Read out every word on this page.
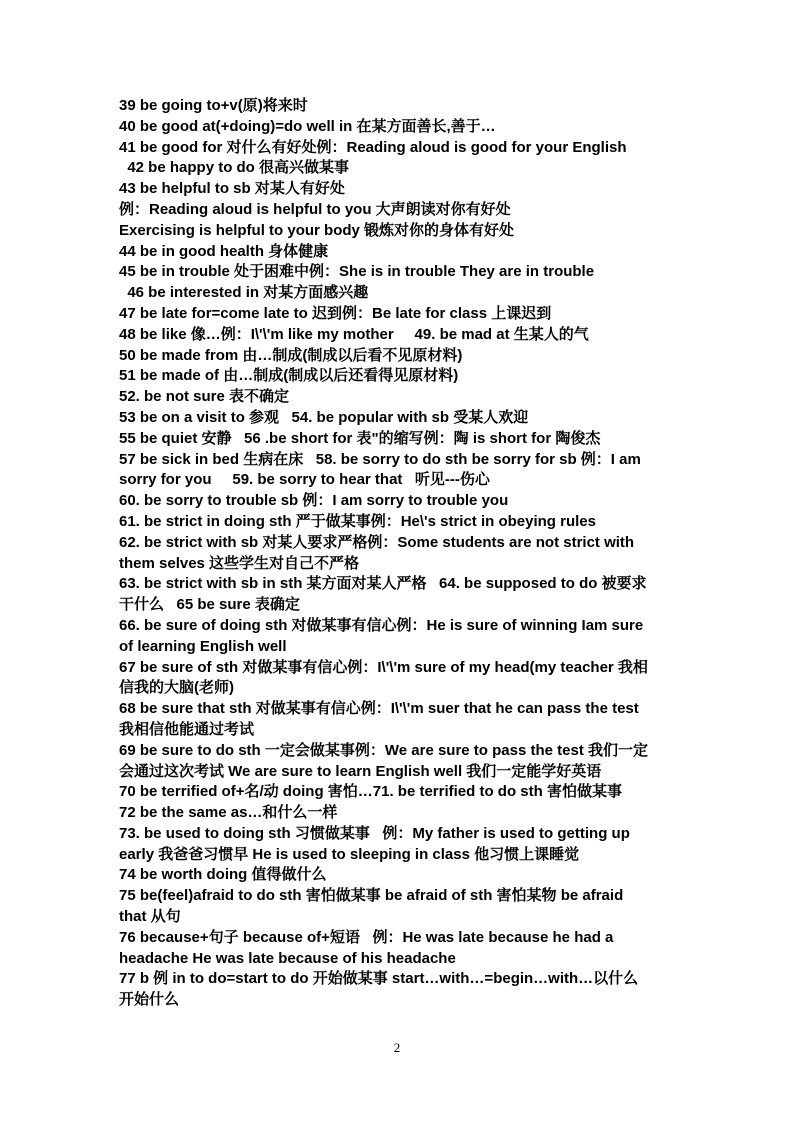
39 be going to+v(原)将来时
40 be good at(+doing)=do well in 在某方面善长,善于…
41 be good for 对什么有好处例：Reading aloud is good for your English
42 be happy to do 很高兴做某事
43 be helpful to sb 对某人有好处
例：Reading aloud is helpful to you 大声朗读对你有好处
Exercising is helpful to your body 锻炼对你的身体有好处
44 be in good health 身体健康
45 be in trouble 处于困难中例：She is in trouble They are in trouble
46 be interested in 对某方面感兴趣
47 be late for=come late to 迟到例：Be late for class 上课迟到
48 be like 像…例：I\'\'m like my mother     49. be mad at 生某人的气
50 be made from 由…制成(制成以后看不见原材料)
51 be made of 由…制成(制成以后还看得见原材料)
52. be not sure 表不确定
53 be on a visit to 参观   54. be popular with sb 受某人欢迎
55 be quiet 安静   56 .be short for 表"的缩写例：陶 is short for 陶俊杰
57 be sick in bed 生病在床   58. be sorry to do sth be sorry for sb 例：I am
sorry for you     59. be sorry to hear that   听见---伤心
60. be sorry to trouble sb 例：I am sorry to trouble you
61. be strict in doing sth 严于做某事例：He\'s strict in obeying rules
62. be strict with sb 对某人要求严格例：Some students are not strict with
them selves 这些学生对自己不严格
63. be strict with sb in sth 某方面对某人严格   64. be supposed to do 被要求
干什么   65 be sure 表确定
66. be sure of doing sth 对做某事有信心例：He is sure of winning Iam sure
of learning English well
67 be sure of sth 对做某事有信心例：I\'\'m sure of my head(my teacher 我相
信我的大脑(老师)
68 be sure that sth 对做某事有信心例：I\'\'m suer that he can pass the test
我相信他能通过考试
69 be sure to do sth 一定会做某事例：We are sure to pass the test 我们一定
会通过这次考试 We are sure to learn English well 我们一定能学好英语
70 be terrified of+名/动 doing 害怕…71. be terrified to do sth 害怕做某事
72 be the same as…和什么一样
73. be used to doing sth 习惯做某事   例：My father is used to getting up
early 我爸爸习惯早 He is used to sleeping in class 他习惯上课睡觉
74 be worth doing 值得做什么
75 be(feel)afraid to do sth 害怕做某事 be afraid of sth 害怕某物 be afraid
that 从句
76 because+句子 because of+短语   例：He was late because he had a
headache He was late because of his headache
77 b 例 in to do=start to do 开始做某事 start…with…=begin…with…以什么
开始什么
2
